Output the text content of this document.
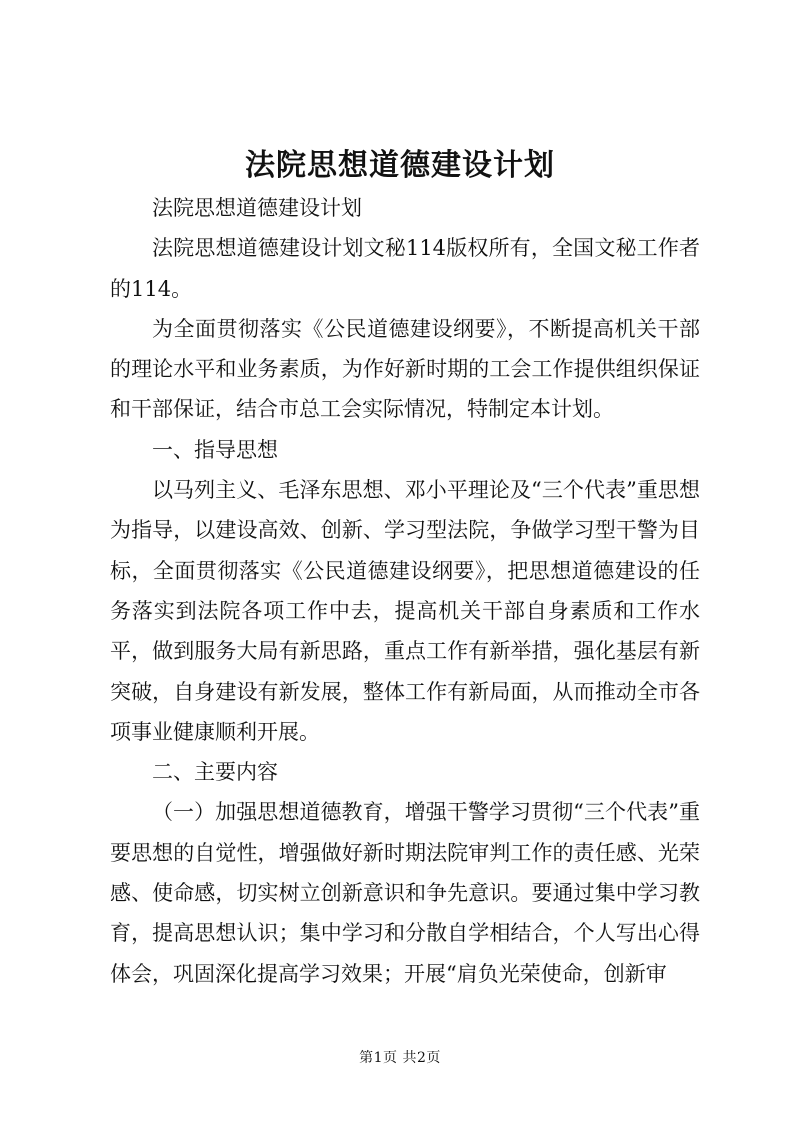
法院思想道德建设计划

法院思想道德建设计划

法院思想道德建设计划文秘114版权所有，全国文秘工作者的114。

为全面贯彻落实《公民道德建设纲要》，不断提高机关干部的理论水平和业务素质，为作好新时期的工会工作提供组织保证和干部保证，结合市总工会实际情况，特制定本计划。

一、指导思想

以马列主义、毛泽东思想、邓小平理论及“三个代表”重思想为指导，以建设高效、创新、学习型法院，争做学习型干警为目标，全面贯彻落实《公民道德建设纲要》，把思想道德建设的任务落实到法院各项工作中去，提高机关干部自身素质和工作水平，做到服务大局有新思路，重点工作有新举措，强化基层有新突破，自身建设有新发展，整体工作有新局面，从而推动全市各项事业健康顺利开展。

二、主要内容

（一）加强思想道德教育，增强干警学习贯彻“三个代表”重要思想的自觉性，增强做好新时期法院审判工作的责任感、光荣感、使命感，切实树立创新意识和争先意识。要通过集中学习教育，提高思想认识；集中学习和分散自学相结合，个人写出心得体会，巩固深化提高学习效果；开展“肩负光荣使命，创新审

第1页 共2页
